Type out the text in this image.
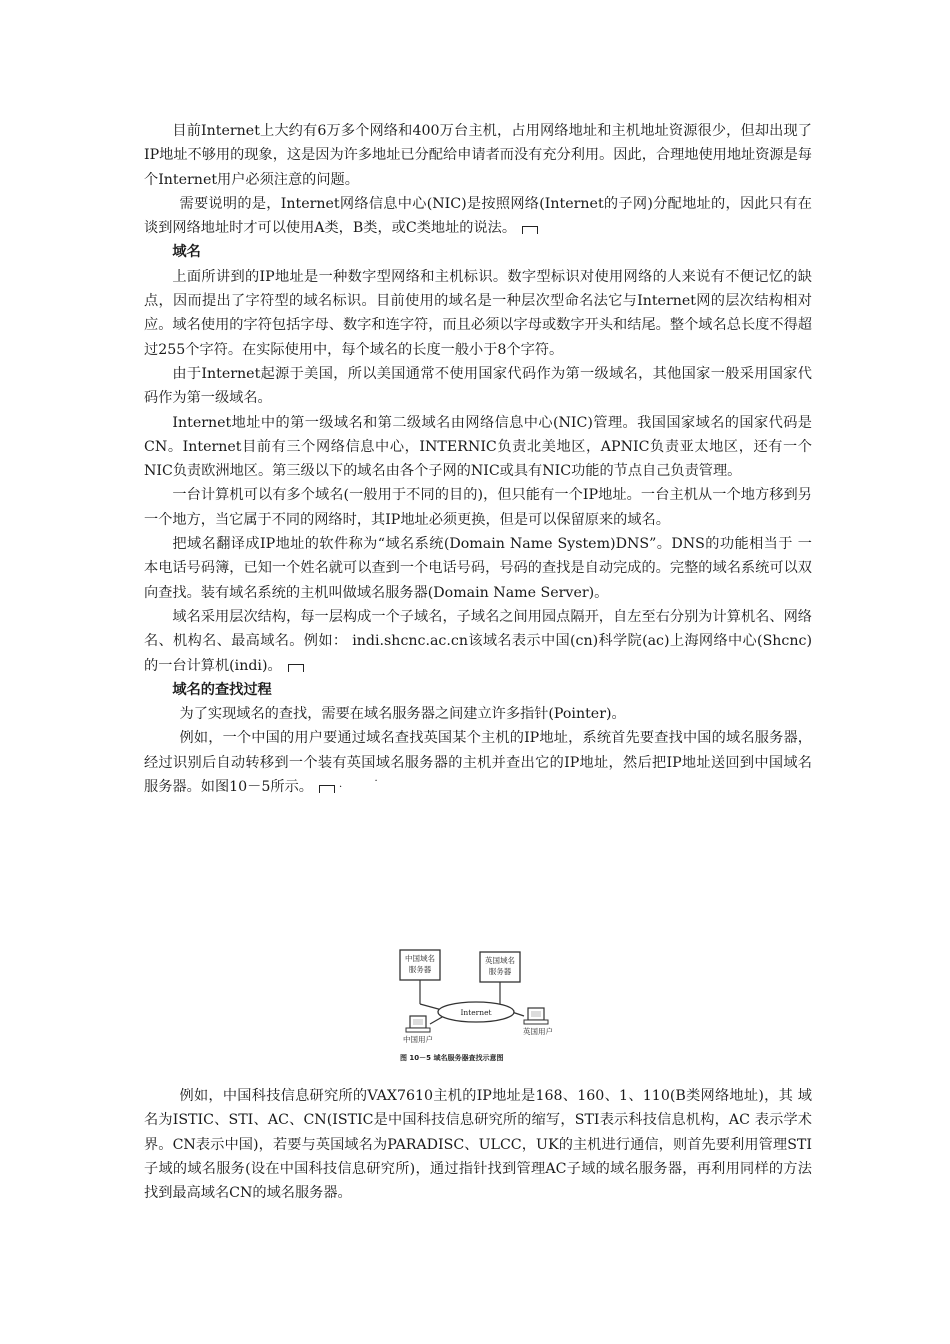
目前Internet上大约有6万多个网络和400万台主机，占用网络地址和主机地址资源很少，但却出现了IP地址不够用的现象，这是因为许多地址已分配给申请者而没有充分利用。因此，合理地使用地址资源是每个Internet用户必须注意的问题。

需要说明的是，Internet网络信息中心(NIC)是按照网络(Internet的子网)分配地址的，因此只有在谈到网络地址时才可以使用A类，B类，或C类地址的说法。

域名

上面所讲到的IP地址是一种数字型网络和主机标识。数字型标识对使用网络的人来说有不便记忆的缺点，因而提出了字符型的域名标识。目前使用的域名是一种层次型命名法它与Internet网的层次结构相对应。域名使用的字符包括字母、数字和连字符，而且必须以字母或数字开头和结尾。整个域名总长度不得超过255个字符。在实际使用中，每个域名的长度一般小于8个字符。

由于Internet起源于美国，所以美国通常不使用国家代码作为第一级域名，其他国家一般采用国家代码作为第一级域名。

Internet地址中的第一级域名和第二级域名由网络信息中心(NIC)管理。我国国家域名的国家代码是CN。Internet目前有三个网络信息中心，INTERNIC负责北美地区，APNIC负责亚太地区，还有一个NIC负责欧洲地区。第三级以下的域名由各个子网的NIC或具有NIC功能的节点自己负责管理。

一台计算机可以有多个域名(一般用于不同的目的)，但只能有一个IP地址。一台主机从一个地方移到另一个地方，当它属于不同的网络时，其IP地址必须更换，但是可以保留原来的域名。

把域名翻译成IP地址的软件称为“域名系统(Domain Name System)DNS”。DNS的功能相当于 一本电话号码簿，已知一个姓名就可以查到一个电话号码，号码的查找是自动完成的。完整的域名系统可以双向查找。装有域名系统的主机叫做域名服务器(Domain Name Server)。

域名采用层次结构，每一层构成一个子域名，子域名之间用园点隔开，自左至右分别为计算机名、网络名、机构名、最高域名。例如： indi.shcnc.ac.cn该域名表示中国(cn)科学院(ac)上海网络中心(Shcnc)的一台计算机(indi)。

域名的查找过程

为了实现域名的查找，需要在域名服务器之间建立许多指针(Pointer)。

例如，一个中国的用户要通过域名查找英国某个主机的IP地址，系统首先要查找中国的域名服务器，经过识别后自动转移到一个装有英国域名服务器的主机并查出它的IP地址，然后把IP地址送回到中国域名服务器。如图10－5所示。	·
·

中国域名
服务器
英国域名
服务器
Internet
中国用户
英国用户
图 10－5 域名服务器查找示意图

例如，中国科技信息研究所的VAX7610主机的IP地址是168、160、1、110(B类网络地址)，其 域 名为ISTIC、STI、AC、CN(ISTIC是中国科技信息研究所的缩写，STI表示科技信息机构，AC 表示学术界。CN表示中国)，若要与英国域名为PARADISC、ULCC，UK的主机进行通信，则首先要利用管理STI子域的域名服务(设在中国科技信息研究所)，通过指针找到管理AC子域的域名服务器，再利用同样的方法找到最高域名CN的域名服务器。
